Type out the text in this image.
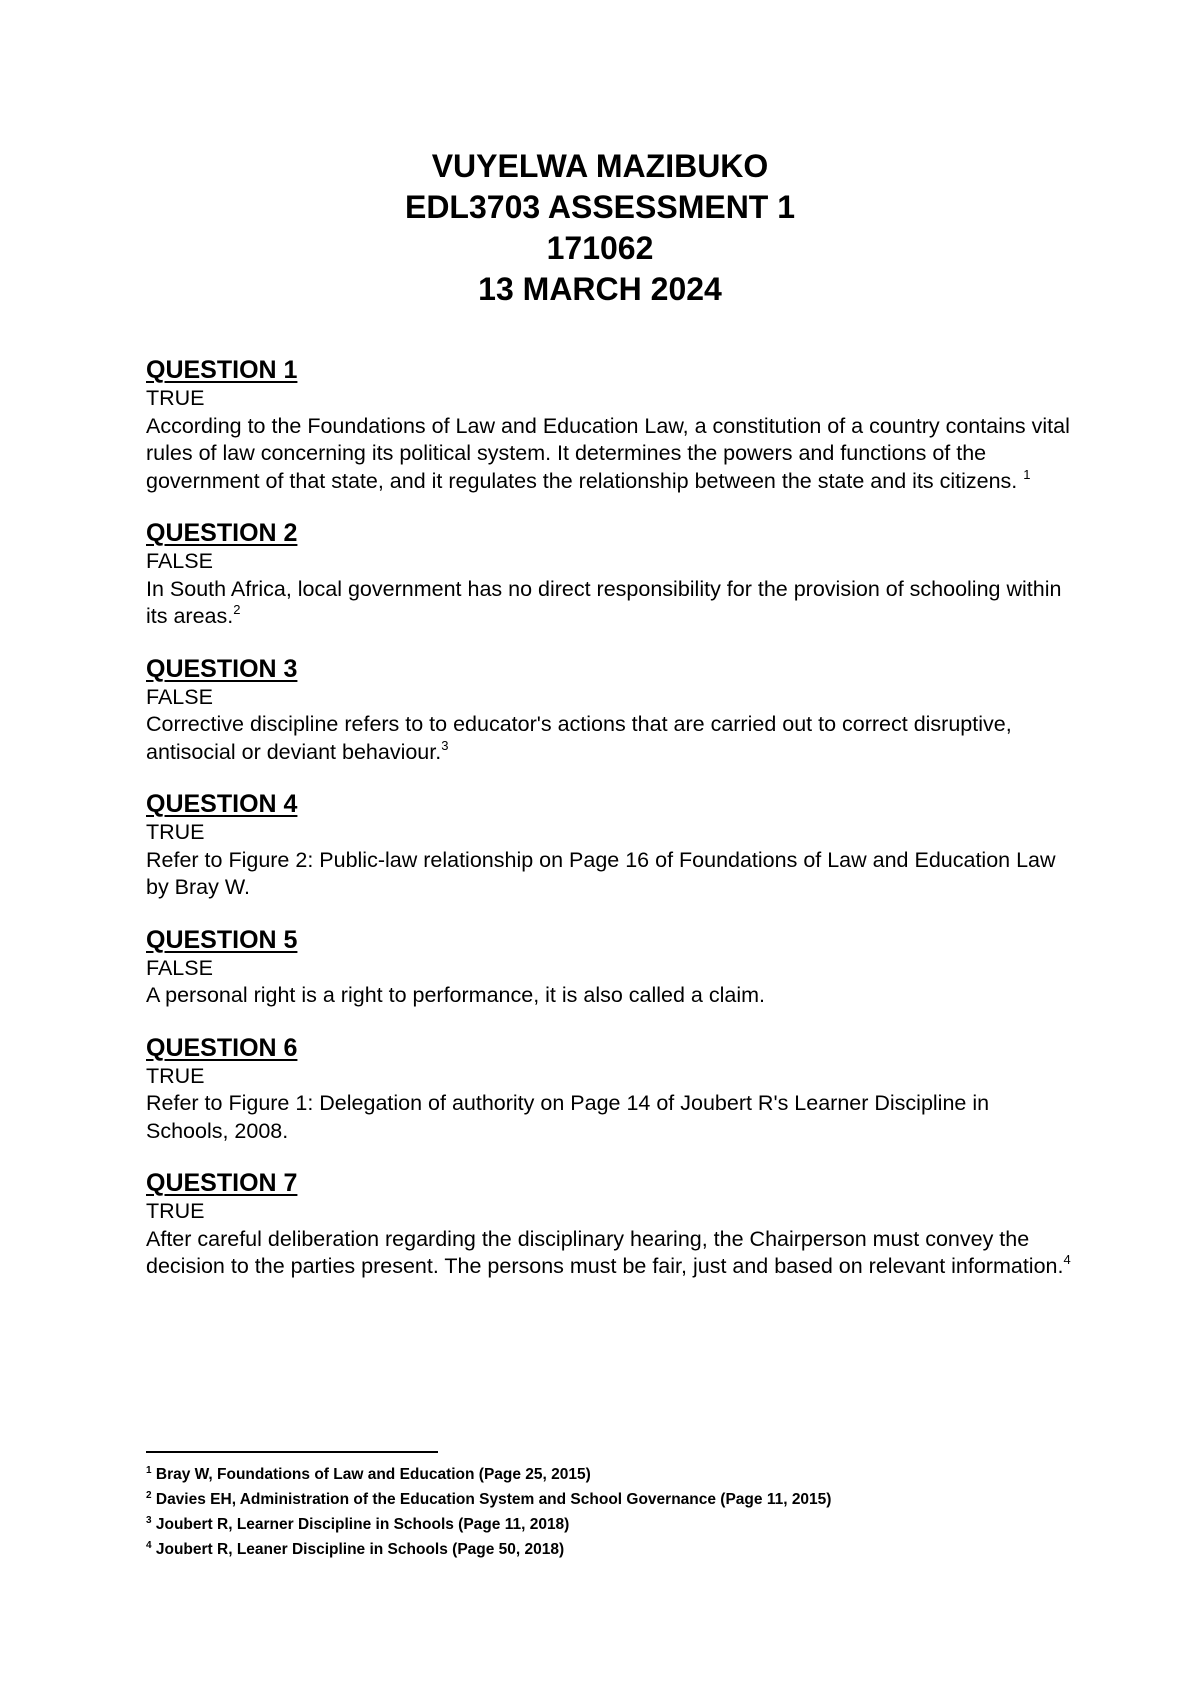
VUYELWA MAZIBUKO
EDL3703 ASSESSMENT 1
171062
13 MARCH 2024
QUESTION 1
TRUE
According to the Foundations of Law and Education Law, a constitution of a country contains vital rules of law concerning its political system. It determines the powers and functions of the government of that state, and it regulates the relationship between the state and its citizens. $^1$
QUESTION 2
FALSE
In South Africa, local government has no direct responsibility for the provision of schooling within its areas.$^2$
QUESTION 3
FALSE
Corrective discipline refers to to educator's actions that are carried out to correct disruptive, antisocial or deviant behaviour.$^3$
QUESTION 4
TRUE
Refer to Figure 2: Public-law relationship on Page 16 of Foundations of Law and Education Law by Bray W.
QUESTION 5
FALSE
A personal right is a right to performance, it is also called a claim.
QUESTION 6
TRUE
Refer to Figure 1: Delegation of authority on Page 14 of Joubert R's Learner Discipline in Schools, 2008.
QUESTION 7
TRUE
After careful deliberation regarding the disciplinary hearing, the Chairperson must convey the decision to the parties present. The persons must be fair, just and based on relevant information.$^4$
$^1$ Bray W, Foundations of Law and Education (Page 25, 2015)
$^2$ Davies EH, Administration of the Education System and School Governance (Page 11, 2015)
$^3$ Joubert R, Learner Discipline in Schools (Page 11, 2018)
$^4$ Joubert R, Leaner Discipline in Schools (Page 50, 2018)
